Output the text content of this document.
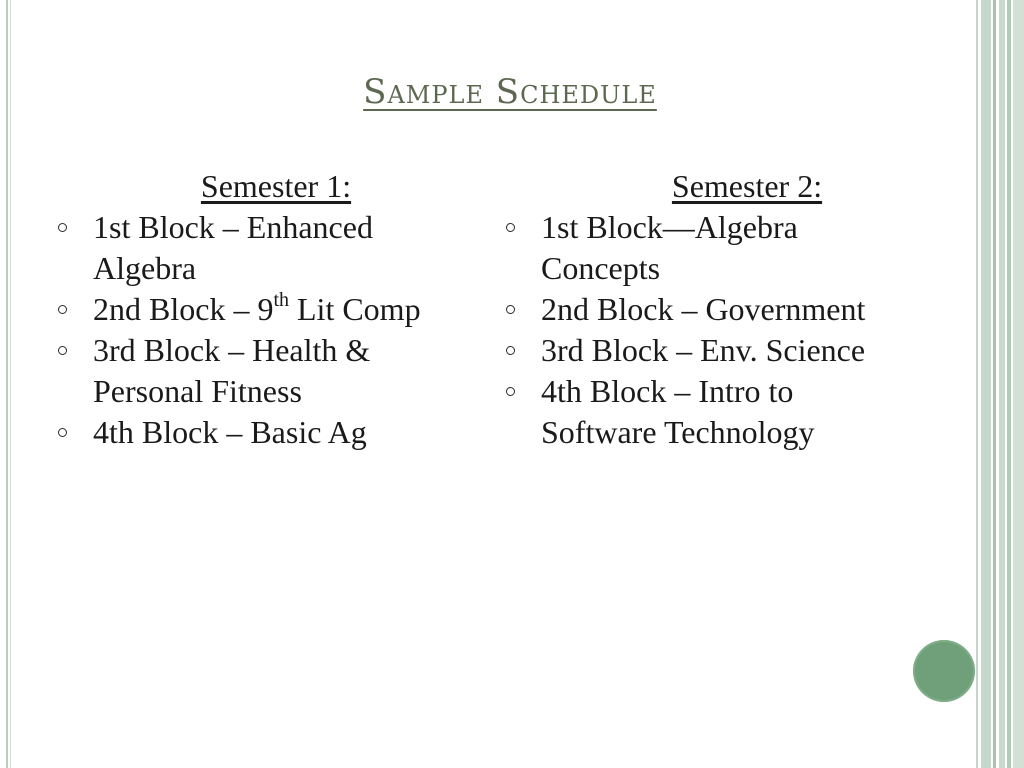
Sample Schedule
Semester 1:
1st Block – Enhanced Algebra
2nd Block – 9th Lit Comp
3rd Block – Health & Personal Fitness
4th Block – Basic Ag
Semester 2:
1st Block—Algebra Concepts
2nd Block – Government
3rd Block – Env. Science
4th Block – Intro to Software Technology
